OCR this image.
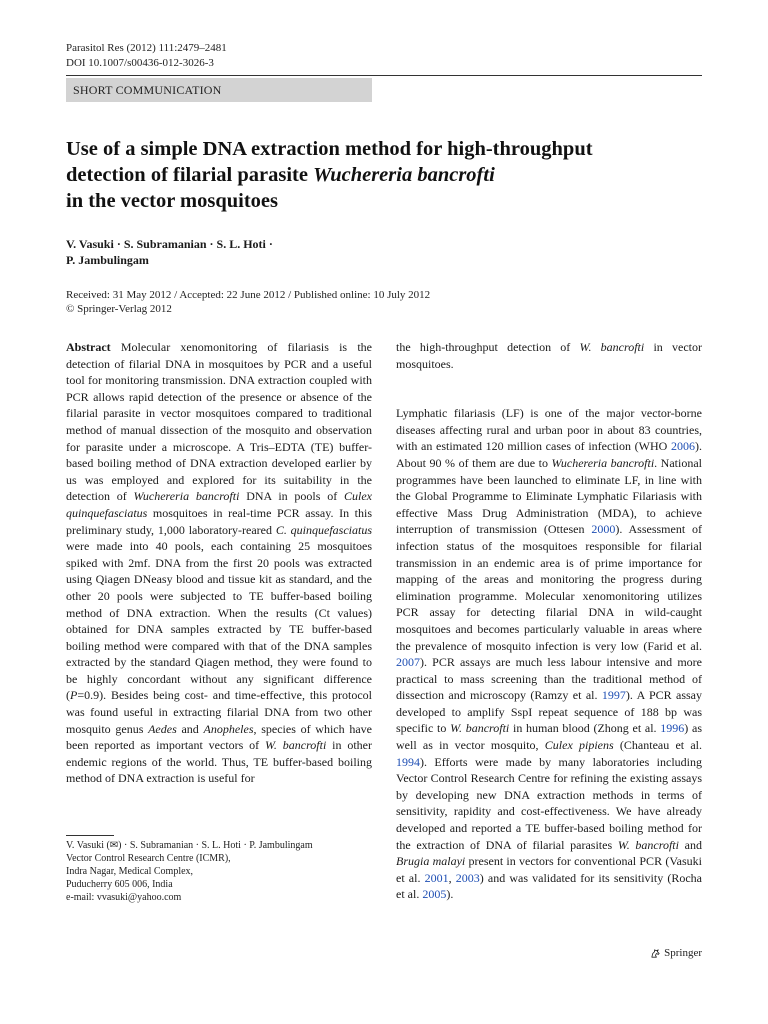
Parasitol Res (2012) 111:2479–2481
DOI 10.1007/s00436-012-3026-3
SHORT COMMUNICATION
Use of a simple DNA extraction method for high-throughput
detection of filarial parasite Wuchereria bancrofti
in the vector mosquitoes
V. Vasuki · S. Subramanian · S. L. Hoti ·
P. Jambulingam
Received: 31 May 2012 / Accepted: 22 June 2012 / Published online: 10 July 2012
© Springer-Verlag 2012

Abstract Molecular xenomonitoring of filariasis is the detection of filarial DNA in mosquitoes by PCR and a useful tool for monitoring transmission. DNA extraction coupled with PCR allows rapid detection of the presence or absence of the filarial parasite in vector mosquitoes compared to traditional method of manual dissection of the mosquito and observation for parasite under a microscope. A Tris–EDTA (TE) buffer-based boiling method of DNA extraction developed earlier by us was employed and explored for its suitability in the detection of Wuchereria bancrofti DNA in pools of Culex quinquefasciatus mosquitoes in real-time PCR assay. In this preliminary study, 1,000 laboratory-reared C. quinquefasciatus were made into 40 pools, each containing 25 mosquitoes spiked with 2mf. DNA from the first 20 pools was extracted using Qiagen DNeasy blood and tissue kit as standard, and the other 20 pools were subjected to TE buffer-based boiling method of DNA extraction. When the results (Ct values) obtained for DNA samples extracted by TE buffer-based boiling method were compared with that of the DNA samples extracted by the standard Qiagen method, they were found to be highly concordant without any significant difference (P=0.9). Besides being cost- and time-effective, this protocol was found useful in extracting filarial DNA from two other mosquito genus Aedes and Anopheles, species of which have been reported as important vectors of W. bancrofti in other endemic regions of the world. Thus, TE buffer-based boiling method of DNA extraction is useful for

the high-throughput detection of W. bancrofti in vector mosquitoes.

Lymphatic filariasis (LF) is one of the major vector-borne diseases affecting rural and urban poor in about 83 countries, with an estimated 120 million cases of infection (WHO 2006). About 90 % of them are due to Wuchereria bancrofti. National programmes have been launched to eliminate LF, in line with the Global Programme to Eliminate Lymphatic Filariasis with effective Mass Drug Administration (MDA), to achieve interruption of transmission (Ottesen 2000). Assessment of infection status of the mosquitoes responsible for filarial transmission in an endemic area is of prime importance for mapping of the areas and monitoring the progress during elimination programme. Molecular xenomonitoring utilizes PCR assay for detecting filarial DNA in wild-caught mosquitoes and becomes particularly valuable in areas where the prevalence of mosquito infection is very low (Farid et al. 2007). PCR assays are much less labour intensive and more practical to mass screening than the traditional method of dissection and microscopy (Ramzy et al. 1997). A PCR assay developed to amplify SspI repeat sequence of 188 bp was specific to W. bancrofti in human blood (Zhong et al. 1996) as well as in vector mosquito, Culex pipiens (Chanteau et al. 1994). Efforts were made by many laboratories including Vector Control Research Centre for refining the existing assays by developing new DNA extraction methods in terms of sensitivity, rapidity and cost-effectiveness. We have already developed and reported a TE buffer-based boiling method for the extraction of DNA of filarial parasites W. bancrofti and Brugia malayi present in vectors for conventional PCR (Vasuki et al. 2001, 2003) and was validated for its sensitivity (Rocha et al. 2005).

V. Vasuki (✉) · S. Subramanian · S. L. Hoti · P. Jambulingam
Vector Control Research Centre (ICMR),
Indra Nagar, Medical Complex,
Puducherry 605 006, India
e-mail: vvasuki@yahoo.com
Springer
